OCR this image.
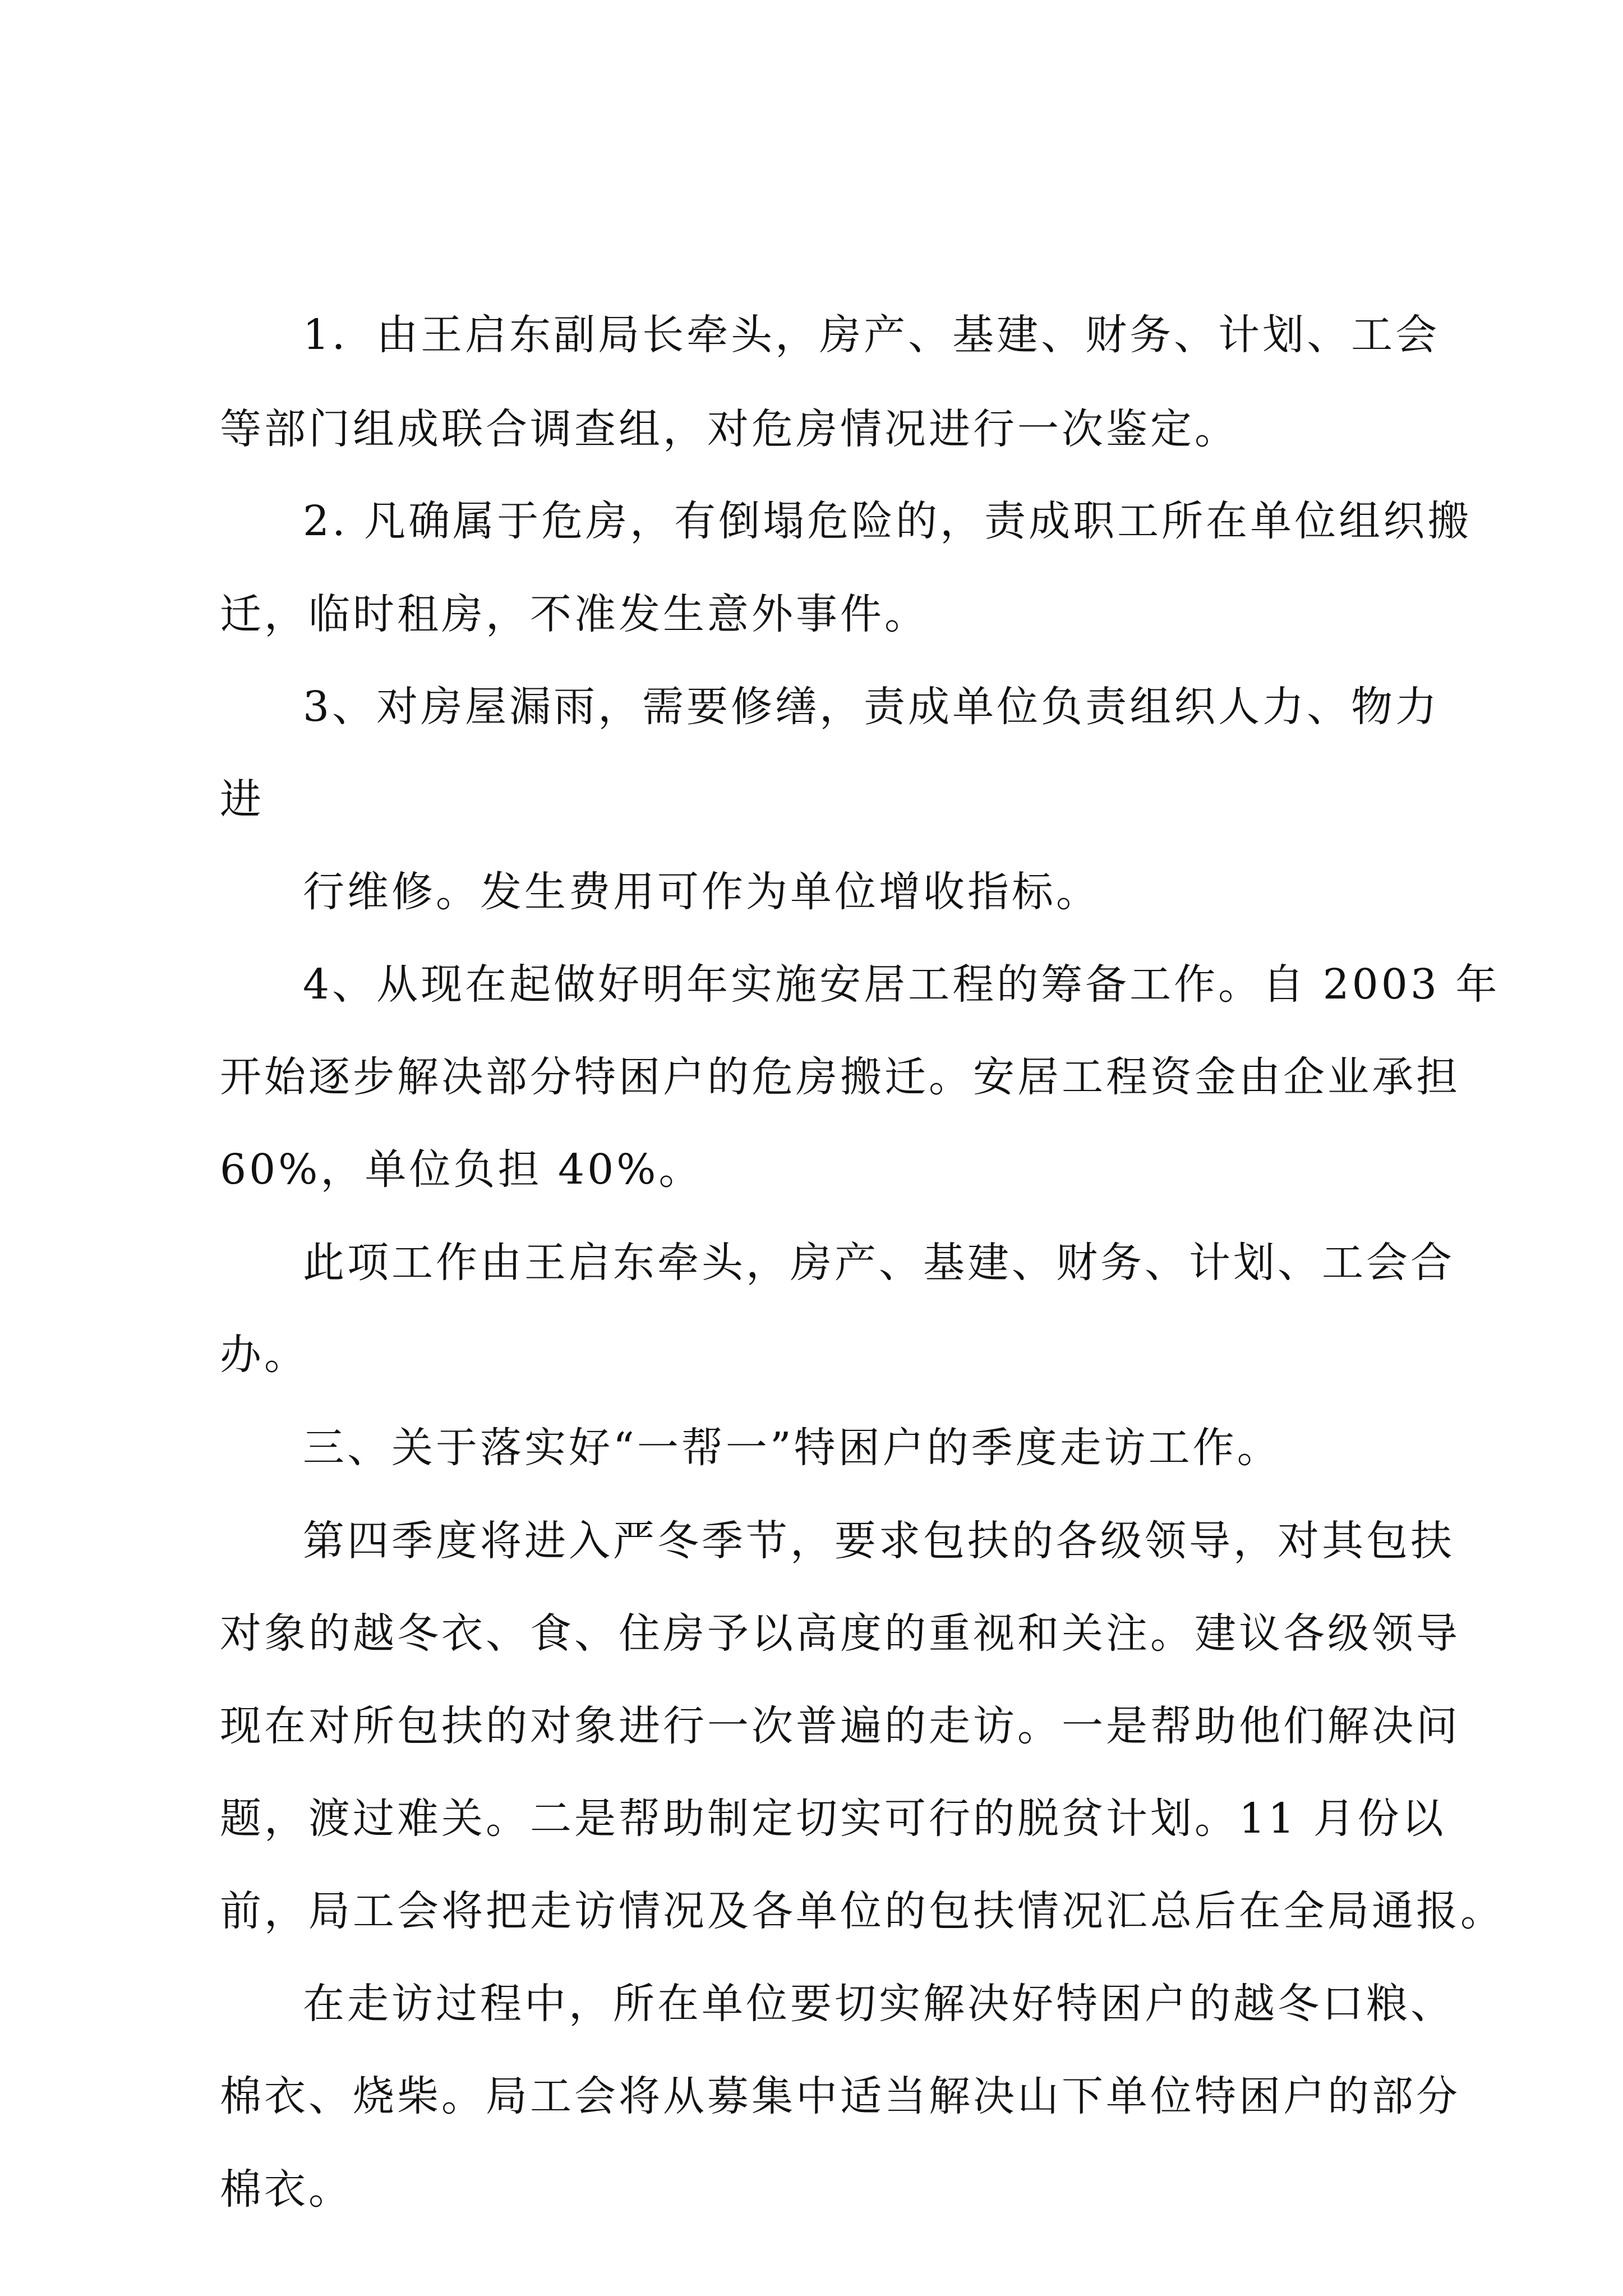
1．由王启东副局长牵头，房产、基建、财务、计划、工会
等部门组成联合调查组，对危房情况进行一次鉴定。
2. 凡确属于危房，有倒塌危险的，责成职工所在单位组织搬
迁，临时租房，不准发生意外事件。
3、对房屋漏雨，需要修缮，责成单位负责组织人力、物力
进
行维修。发生费用可作为单位增收指标。
4、从现在起做好明年实施安居工程的筹备工作。自 2003 年
开始逐步解决部分特困户的危房搬迁。安居工程资金由企业承担
60%，单位负担 40%。
此项工作由王启东牵头，房产、基建、财务、计划、工会合
办。
三、关于落实好“一帮一”特困户的季度走访工作。
第四季度将进入严冬季节，要求包扶的各级领导，对其包扶
对象的越冬衣、食、住房予以高度的重视和关注。建议各级领导
现在对所包扶的对象进行一次普遍的走访。一是帮助他们解决问
题，渡过难关。二是帮助制定切实可行的脱贫计划。11 月份以
前，局工会将把走访情况及各单位的包扶情况汇总后在全局通报。
在走访过程中，所在单位要切实解决好特困户的越冬口粮、
棉衣、烧柴。局工会将从募集中适当解决山下单位特困户的部分
棉衣。
